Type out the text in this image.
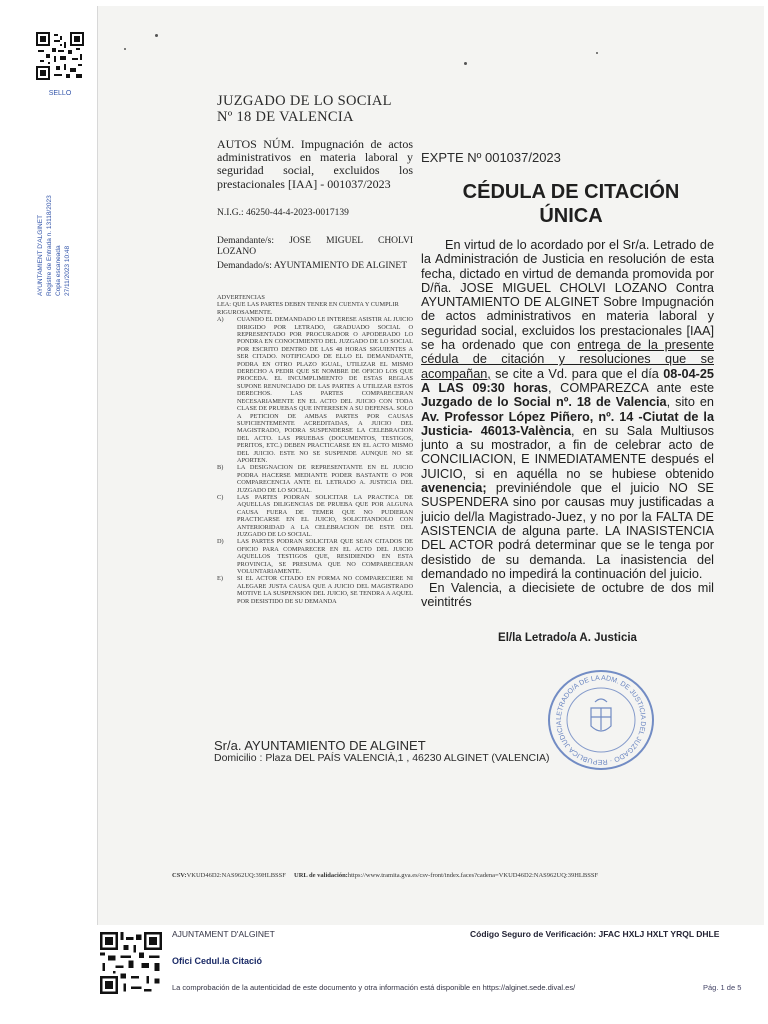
SELLO
AYUNTAMIENT D'ALGINET Registre de Entrada n. 13118/2023 Copia escaneada 27/11/2023 10:48
JUZGADO DE LO SOCIAL
Nº 18 DE VALENCIA
AUTOS NÚM. Impugnación de actos administrativos en materia laboral y seguridad social, excluidos los prestacionales [IAA] - 001037/2023
N.I.G.: 46250-44-4-2023-0017139
Demandante/s: JOSE MIGUEL CHOLVI LOZANO
Demandado/s: AYUNTAMIENTO DE ALGINET
ADVERTENCIAS
LEA: QUE LAS PARTES DEBEN TENER EN CUENTA Y CUMPLIR RIGUROSAMENTE.
A)	CUANDO EL DEMANDADO LE INTERESE ASISTIR AL JUICIO DIRIGIDO POR LETRADO, GRADUADO SOCIAL O REPRESENTADO POR PROCURADOR O APODERADO LO PONDRA EN CONOCIMIENTO DEL JUZGADO DE LO SOCIAL POR ESCRITO DENTRO DE LAS 48 HORAS SIGUIENTES A SER CITADO. NOTIFICADO DE ELLO EL DEMANDANTE, PODRA EN OTRO PLAZO IGUAL, UTILIZAR EL MISMO DERECHO A PEDIR QUE SE NOMBRE DE OFICIO LOS QUE PROCEDA. EL INCUMPLIMIENTO DE ESTAS REGLAS SUPONE RENUNCIADO DE LAS PARTES A UTILIZAR ESTOS DERECHOS. LAS PARTES COMPARECERAN NECESARIAMENTE EN EL ACTO DEL JUICIO CON TODA CLASE DE PRUEBAS QUE INTERESEN A SU DEFENSA. SOLO A PETICION DE AMBAS PARTES POR CAUSAS SUFICIENTEMENTE ACREDITADAS, A JUICIO DEL MAGISTRADO, PODRA SUSPENDERSE LA CELEBRACION DEL ACTO. LAS PRUEBAS (DOCUMENTOS, TESTIGOS, PERITOS, ETC.) DEBEN PRACTICARSE EN EL ACTO MISMO DEL JUICIO. ESTE NO SE SUSPENDE AUNQUE NO SE APORTEN.
B)	LA DESIGNACION DE REPRESENTANTE EN EL JUICIO PODRA HACERSE MEDIANTE PODER BASTANTE O POR COMPARECENCIA ANTE EL LETRADO A. JUSTICIA DEL JUZGADO DE LO SOCIAL.
C)	LAS PARTES PODRAN SOLICITAR LA PRACTICA DE AQUELLAS DILIGENCIAS DE PRUEBA QUE POR ALGUNA CAUSA FUERA DE TEMER QUE NO PUDIERAN PRACTICARSE EN EL JUICIO, SOLICITANDOLO CON ANTERIORIDAD A LA CELEBRACION DE ESTE DEL JUZGADO DE LO SOCIAL.
D)	LAS PARTES PODRAN SOLICITAR QUE SEAN CITADOS DE OFICIO PARA COMPARECER EN EL ACTO DEL JUICIO AQUELLOS TESTIGOS QUE, RESIDIENDO EN ESTA PROVINCIA, SE PRESUMA QUE NO COMPARECERAN VOLUNTARIAMENTE.
E)	SI EL ACTOR CITADO EN FORMA NO COMPARECIERE NI ALEGARE JUSTA CAUSA QUE A JUICIO DEL MAGISTRADO MOTIVE LA SUSPENSION DEL JUICIO, SE TENDRA A AQUEL POR DESISTIDO DE SU DEMANDA
EXPTE Nº 001037/2023
CÉDULA DE CITACIÓN
ÚNICA

En virtud de lo acordado por el Sr/a. Letrado de la Administración de Justicia en resolución de esta fecha, dictado en virtud de demanda promovida por D/ña. JOSE MIGUEL CHOLVI LOZANO Contra AYUNTAMIENTO DE ALGINET Sobre Impugnación de actos administrativos en materia laboral y seguridad social, excluidos los prestacionales [IAA] se ha ordenado que con entrega de la presente cédula de citación y resoluciones que se acompañan, se cite a Vd. para que el día 08-04-25 A LAS 09:30 horas, COMPAREZCA ante este Juzgado de lo Social nº. 18 de Valencia, sito en Av. Professor López Piñero, nº. 14 -Ciutat de la Justicia- 46013-València, en su Sala Multiusos junto a su mostrador, a fin de celebrar acto de CONCILIACION, E INMEDIATAMENTE después el JUICIO, si en aquélla no se hubiese obtenido avenencia; previniéndole que el juicio NO SE SUSPENDERA sino por causas muy justificadas a juicio del/la Magistrado-Juez, y no por la FALTA DE ASISTENCIA de alguna parte. LA INASISTENCIA DEL ACTOR podrá determinar que se le tenga por desistido de su demanda. La inasistencia del demandado no impedirá la continuación del juicio.

En Valencia, a diecisiete de octubre de dos mil veintitrés

El/la Letrado/a A. Justicia
LETRADO/A DE LA ADM. DE JUSTICIA DEL JUZGADO · REPUBLICA JUDICIA
Sr/a. AYUNTAMIENTO DE ALGINET
Domicilio : Plaza DEL PAÍS VALENCIÀ,1 , 46230 ALGINET (VALENCIA)
CSV:VKUD46D2:NAS962UQ:39HLBSSF URL de validación:https://www.tramita.gva.es/csv-front/index.faces?cadena=VKUD46D2:NAS962UQ:39HLBSSF
AJUNTAMENT D'ALGINET	Código Seguro de Verificación: JFAC HXLJ HXLT YRQL DHLE
Ofici Cedul.la Citació
La comprobación de la autenticidad de este documento y otra información está disponible en https://alginet.sede.dival.es/	Pág. 1 de 5
